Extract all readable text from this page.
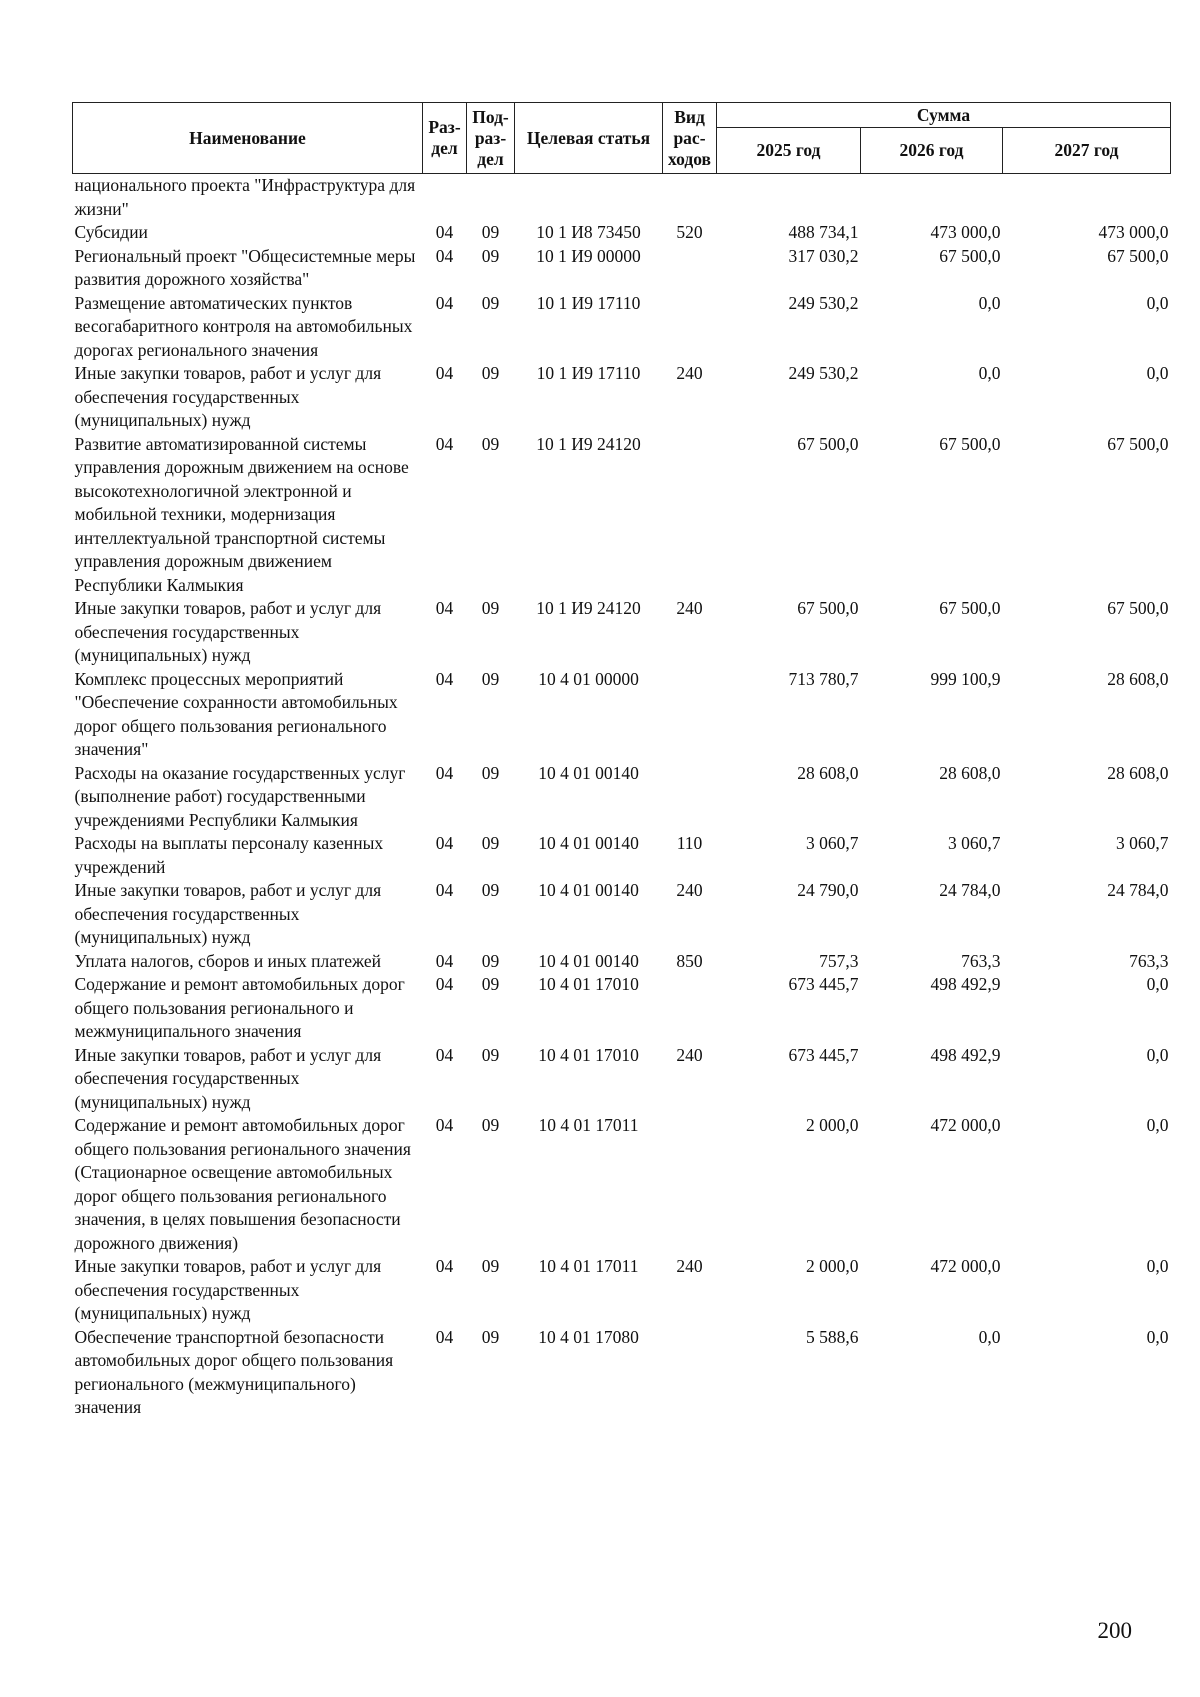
Наименование	Раз-дел	Под-раз-дел	Целевая статья	Вид рас-ходов	Сумма		
					2025 год	2026 год	2027 год
национального проекта "Инфраструктура для жизни"							
Субсидии	04	09	10 1 И8 73450	520	488 734,1	473 000,0	473 000,0
Региональный проект "Общесистемные меры развития дорожного хозяйства"	04	09	10 1 И9 00000		317 030,2	67 500,0	67 500,0
Размещение автоматических пунктов весогабаритного контроля на автомобильных дорогах регионального значения	04	09	10 1 И9 17110		249 530,2	0,0	0,0
Иные закупки товаров, работ и услуг для обеспечения государственных (муниципальных) нужд	04	09	10 1 И9 17110	240	249 530,2	0,0	0,0
Развитие автоматизированной системы управления дорожным движением на основе высокотехнологичной электронной и мобильной техники, модернизация интеллектуальной транспортной системы управления дорожным движением Республики Калмыкия	04	09	10 1 И9 24120		67 500,0	67 500,0	67 500,0
Иные закупки товаров, работ и услуг для обеспечения государственных (муниципальных) нужд	04	09	10 1 И9 24120	240	67 500,0	67 500,0	67 500,0
Комплекс процессных мероприятий "Обеспечение сохранности автомобильных дорог общего пользования регионального значения"	04	09	10 4 01 00000		713 780,7	999 100,9	28 608,0
Расходы на оказание государственных услуг (выполнение работ) государственными учреждениями Республики Калмыкия	04	09	10 4 01 00140		28 608,0	28 608,0	28 608,0
Расходы на выплаты персоналу казенных учреждений	04	09	10 4 01 00140	110	3 060,7	3 060,7	3 060,7
Иные закупки товаров, работ и услуг для обеспечения государственных (муниципальных) нужд	04	09	10 4 01 00140	240	24 790,0	24 784,0	24 784,0
Уплата налогов, сборов и иных платежей	04	09	10 4 01 00140	850	757,3	763,3	763,3
Содержание и ремонт автомобильных дорог общего пользования регионального и межмуниципального значения	04	09	10 4 01 17010		673 445,7	498 492,9	0,0
Иные закупки товаров, работ и услуг для обеспечения государственных (муниципальных) нужд	04	09	10 4 01 17010	240	673 445,7	498 492,9	0,0
Содержание и ремонт автомобильных дорог общего пользования регионального значения (Стационарное освещение автомобильных дорог общего пользования регионального значения, в целях повышения безопасности дорожного движения)	04	09	10 4 01 17011		2 000,0	472 000,0	0,0
Иные закупки товаров, работ и услуг для обеспечения государственных (муниципальных) нужд	04	09	10 4 01 17011	240	2 000,0	472 000,0	0,0
Обеспечение транспортной безопасности автомобильных дорог общего пользования регионального (межмуниципального) значения	04	09	10 4 01 17080		5 588,6	0,0	0,0
200
